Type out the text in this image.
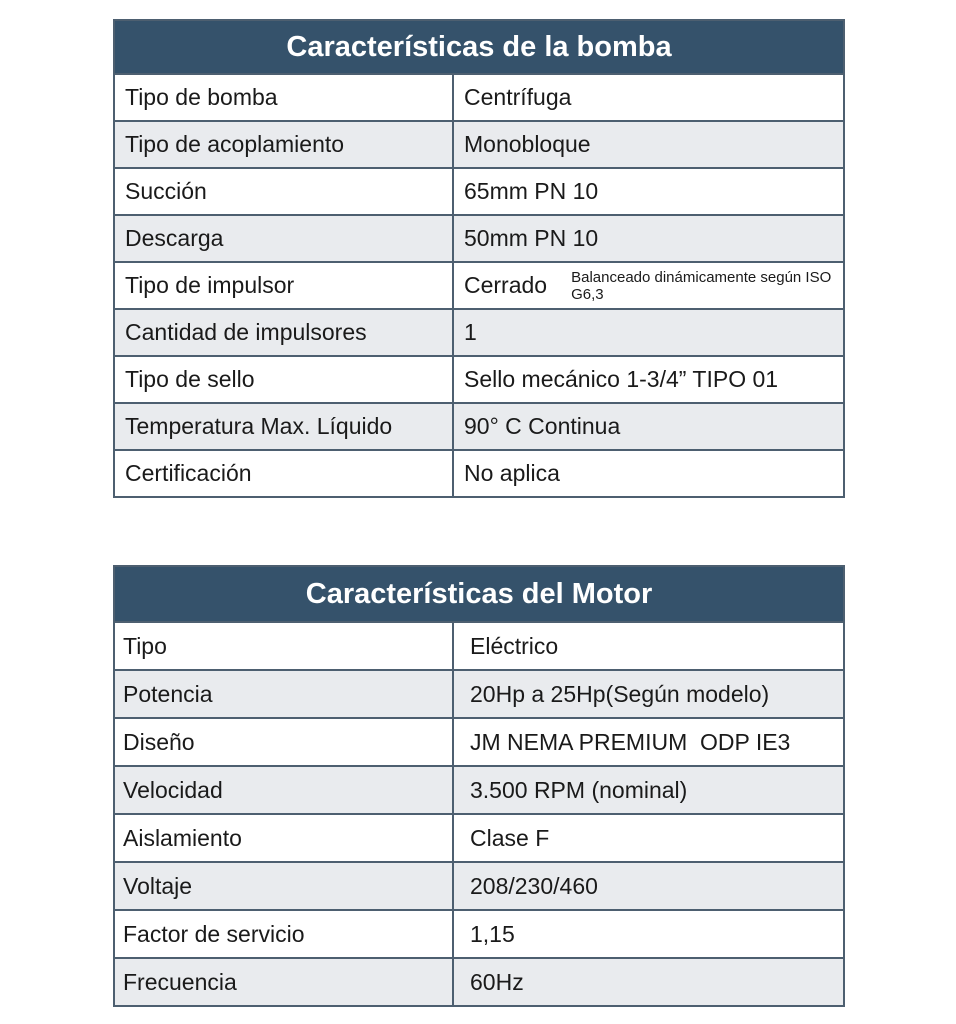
Características de la bomba	
Tipo de bomba	Centrífuga
Tipo de acoplamiento	Monobloque
Succión	65mm PN 10
Descarga	50mm PN 10
Tipo de impulsor	Cerrado Balanceado dinámicamente según ISO G6,3
Cantidad de impulsores	1
Tipo de sello	Sello mecánico 1-3/4” TIPO 01
Temperatura Max. Líquido	90° C Continua
Certificación	No aplica
Características del Motor	
Tipo	Eléctrico
Potencia	20Hp a 25Hp(Según modelo)
Diseño	JM NEMA PREMIUM  ODP IE3
Velocidad	3.500 RPM (nominal)
Aislamiento	Clase F
Voltaje	208/230/460
Factor de servicio	1,15
Frecuencia	60Hz
